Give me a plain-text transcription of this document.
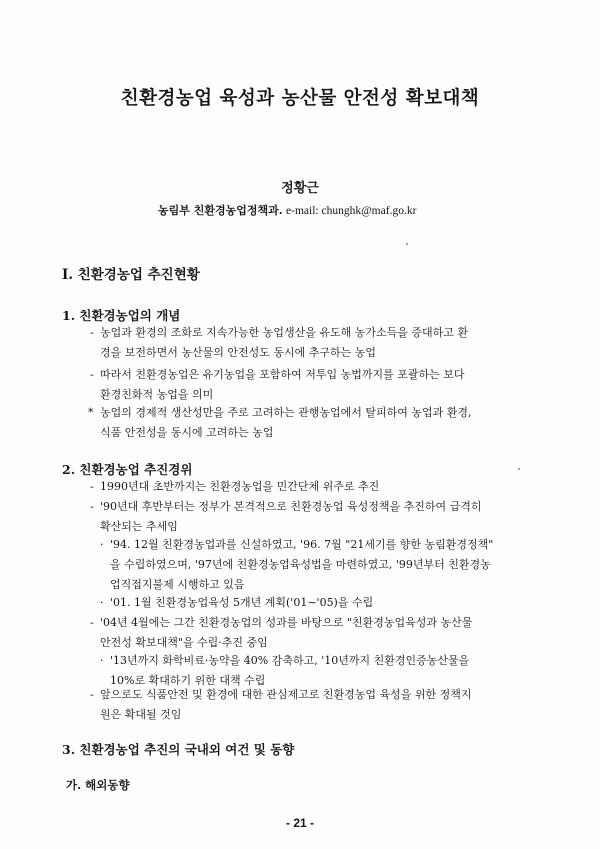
친환경농업 육성과 농산물 안전성 확보대책
정황근
농림부 친환경농업정책과. e-mail: chunghk@maf.go.kr
Ⅰ. 친환경농업 추진현황
1. 친환경농업의 개념
- 농업과 환경의 조화로 지속가능한 농업생산을 유도해 농가소득을 증대하고 환
경을 보전하면서 농산물의 안전성도 동시에 추구하는 농업
- 따라서 친환경농업은 유기농업을 포함하여 저투입 농법까지를 포괄하는 보다
환경친화적 농업을 의미
* 농업의 경제적 생산성만을 주로 고려하는 관행농업에서 탈피하여 농업과 환경,
식품 안전성을 동시에 고려하는 농업
2. 친환경농업 추진경위
- 1990년대 초반까지는 친환경농업을 민간단체 위주로 추진
- '90년대 후반부터는 정부가 본격적으로 친환경농업 육성정책을 추진하여 급격히
확산되는 추세임
· '94. 12월 친환경농업과를 신설하였고, '96. 7월 "21세기를 향한 농림환경정책"
을 수립하였으며, '97년에 친환경농업육성법을 마련하였고, '99년부터 친환경농
업직접지불제 시행하고 있음
· '01. 1월 친환경농업육성 5개년 계획('01∼'05)을 수립
- '04년 4월에는 그간 친환경농업의 성과를 바탕으로 "친환경농업육성과 농산물
안전성 확보대책"을 수립·추진 중임
· '13년까지 화학비료·농약을 40% 감축하고, '10년까지 친환경인증농산물을
10%로 확대하기 위한 대책 수립
- 앞으로도 식품안전 및 환경에 대한 관심제고로 친환경농업 육성을 위한 정책지
원은 확대될 것임
3. 친환경농업 추진의 국내외 여건 및 동향
가. 해외동향
- 21 -
